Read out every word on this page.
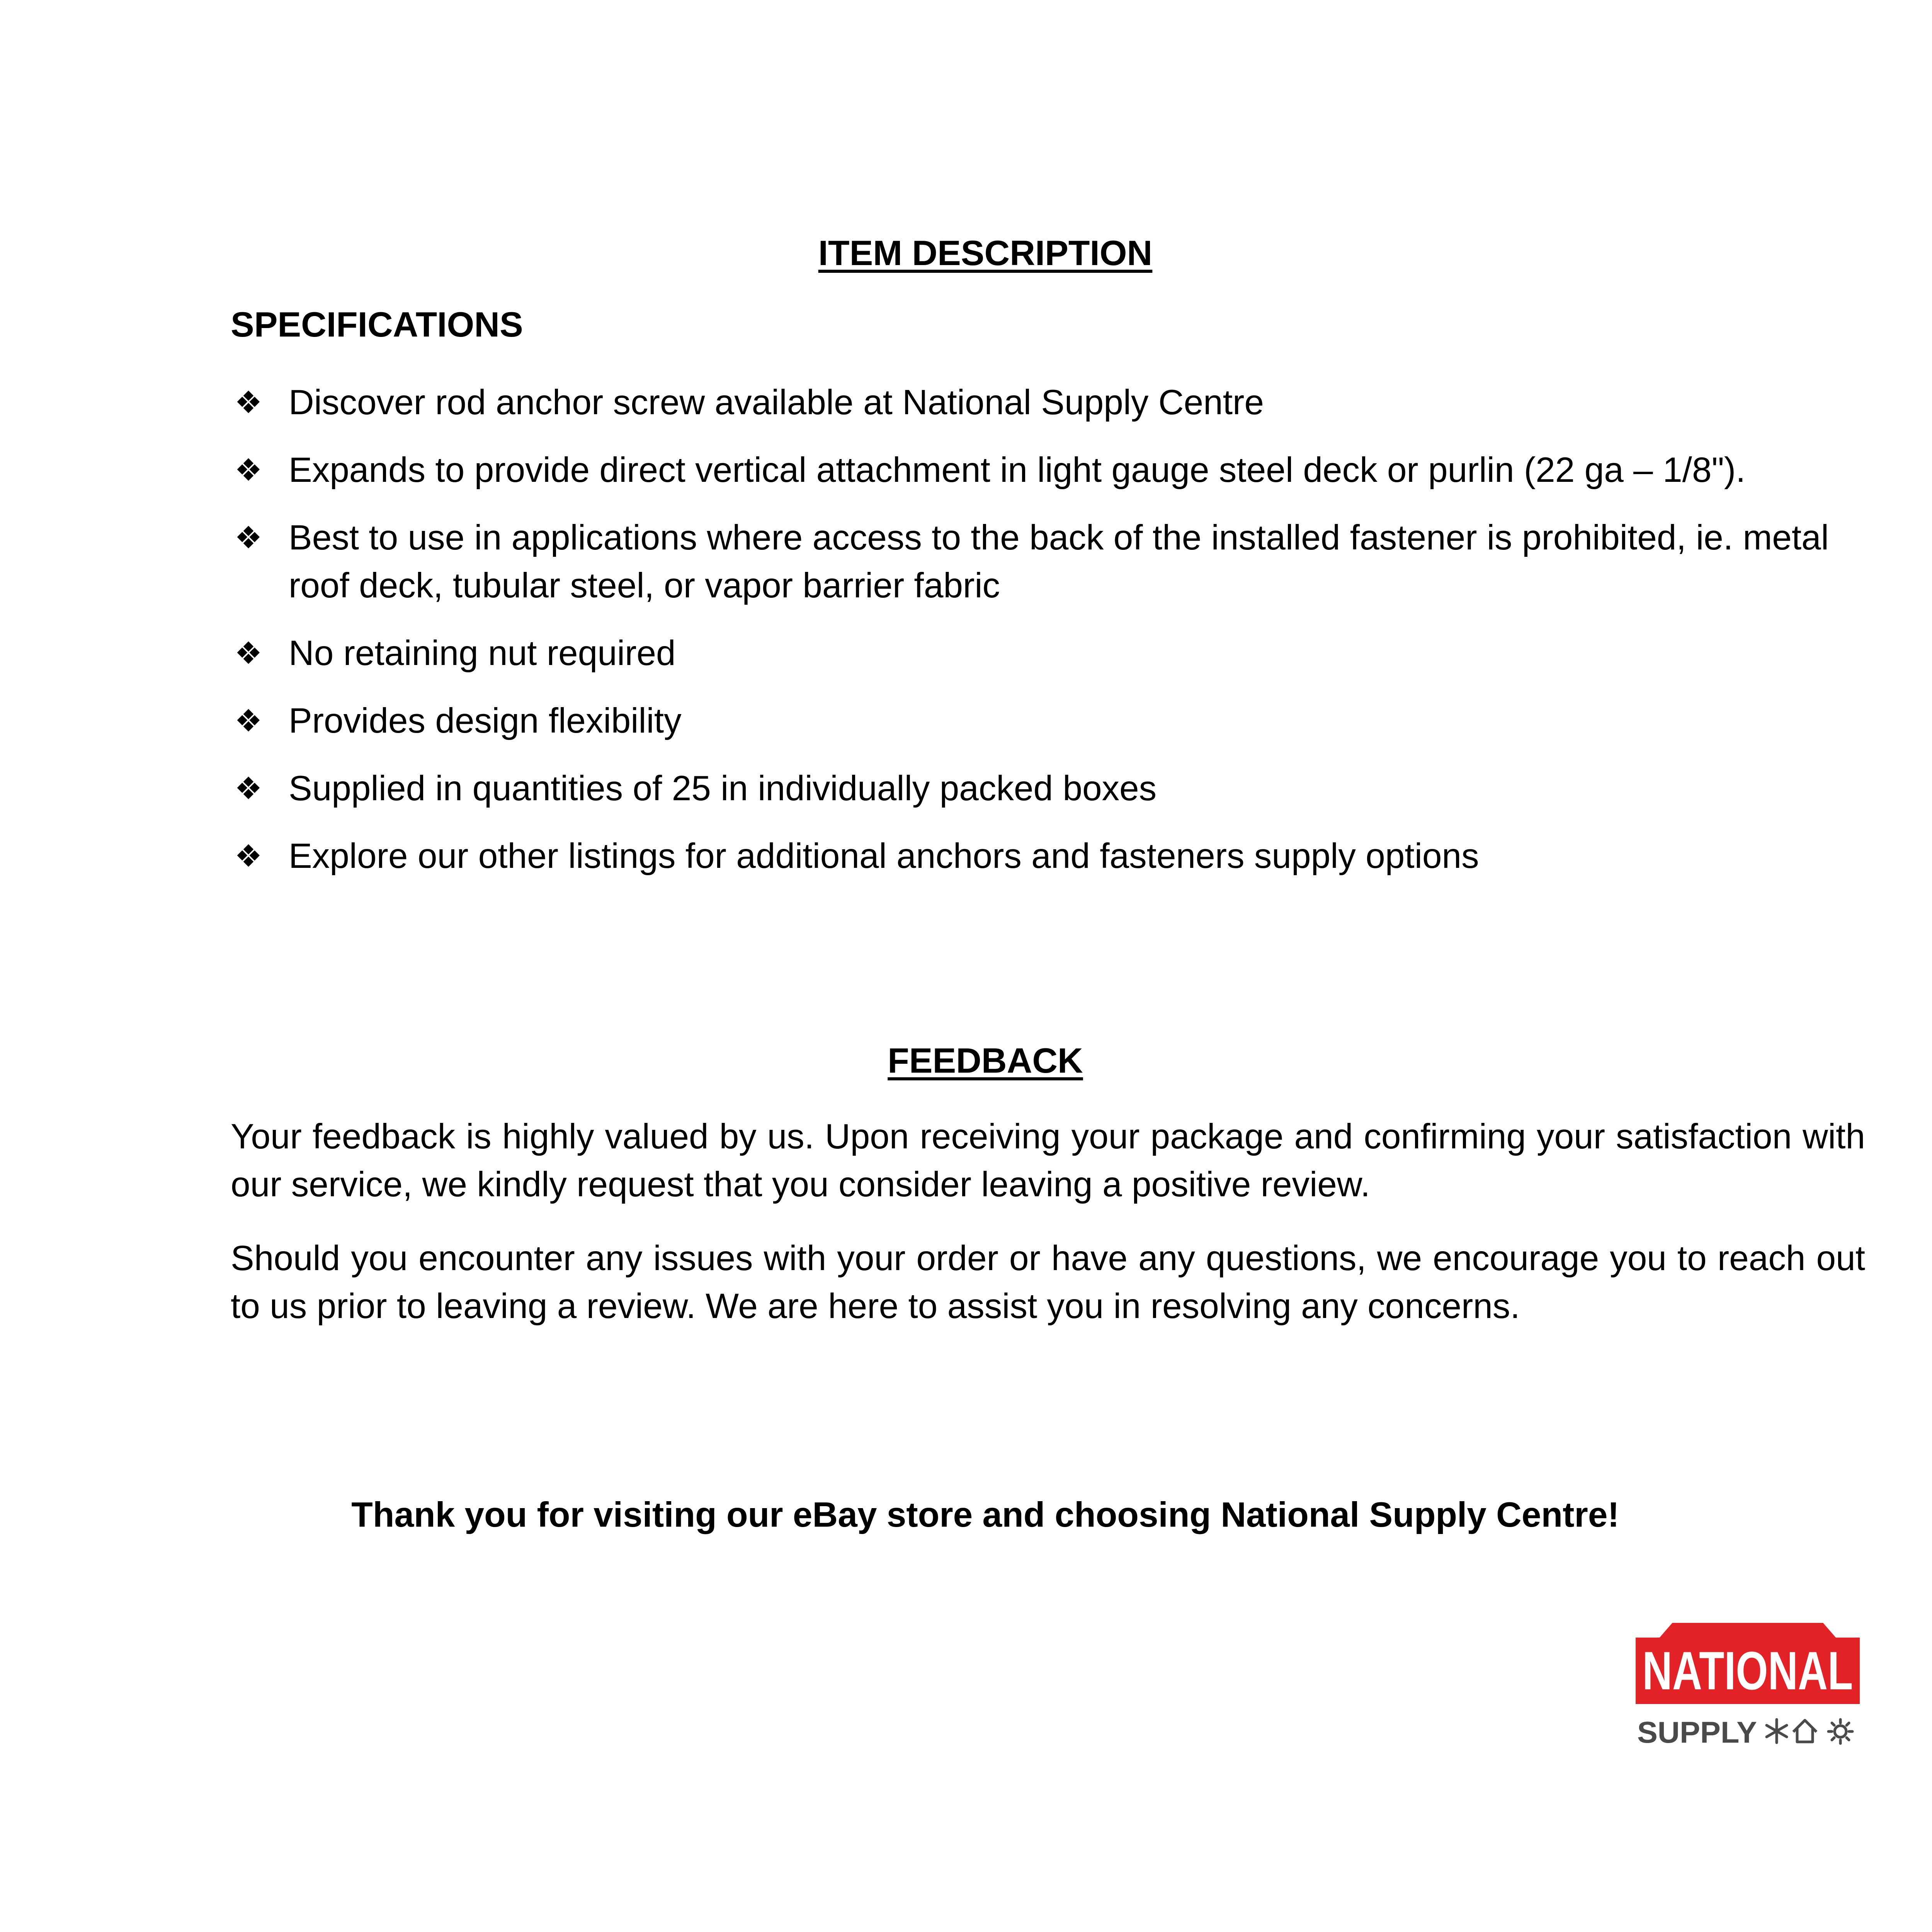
ITEM DESCRIPTION
SPECIFICATIONS
❖ Discover rod anchor screw available at National Supply Centre
❖ Expands to provide direct vertical attachment in light gauge steel deck or purlin (22 ga – 1/8").
❖ Best to use in applications where access to the back of the installed fastener is prohibited, ie. metal roof deck, tubular steel, or vapor barrier fabric
❖ No retaining nut required
❖ Provides design flexibility
❖ Supplied in quantities of 25 in individually packed boxes
❖ Explore our other listings for additional anchors and fasteners supply options
FEEDBACK

Your feedback is highly valued by us. Upon receiving your package and confirming your satisfaction with our service, we kindly request that you consider leaving a positive review.

Should you encounter any issues with your order or have any questions, we encourage you to reach out to us prior to leaving a review. We are here to assist you in resolving any concerns.

Thank you for visiting our eBay store and choosing National Supply Centre!
NATIONAL
SUPPLY
